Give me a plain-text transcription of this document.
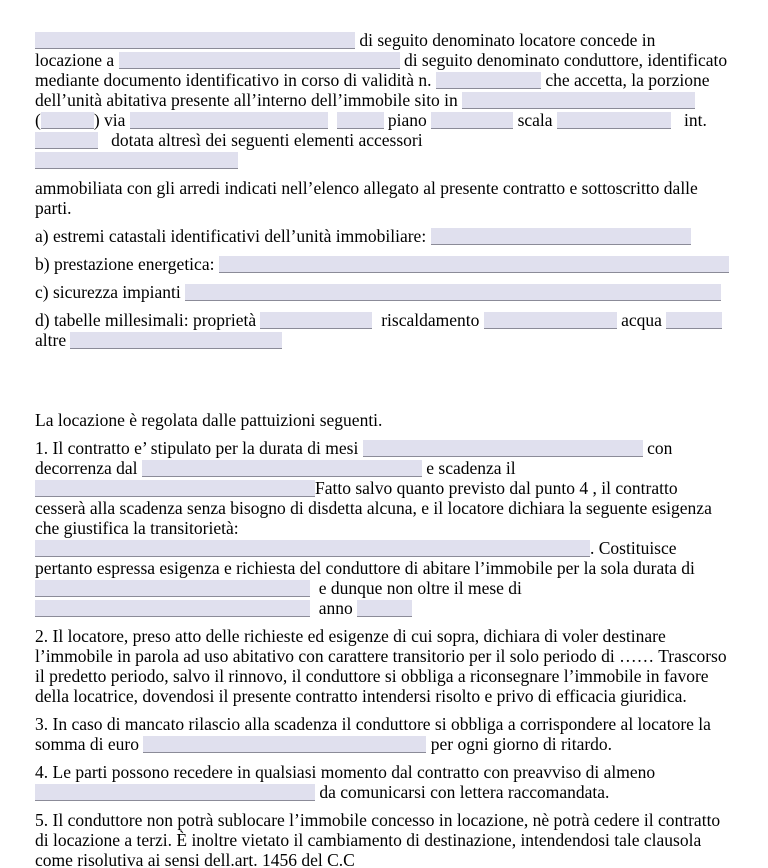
di seguito denominato locatore concede in
locazione a	di seguito denominato conduttore, identificato
mediante documento identificativo in corso di validità n.	che accetta, la porzione
dell’unità abitativa presente all’interno dell’immobile sito in
(	) via	piano	scala	int.
dotata altresì dei seguenti elementi accessori
ammobiliata con gli arredi indicati nell’elenco allegato al presente contratto e sottoscritto dalle
parti.
a) estremi catastali identificativi dell’unità immobiliare:
b) prestazione energetica:
c) sicurezza impianti
d) tabelle millesimali: proprietà	riscaldamento	acqua
altre
La locazione è regolata dalle pattuizioni seguenti.
1. Il contratto e’ stipulato per la durata di mesi	con
decorrenza dal	e scadenza il
Fatto salvo quanto previsto dal punto 4 , il contratto
cesserà alla scadenza senza bisogno di disdetta alcuna, e il locatore dichiara la seguente esigenza
che giustifica la transitorietà:
. Costituisce
pertanto espressa esigenza e richiesta del conduttore di abitare l’immobile per la sola durata di
e dunque non oltre il mese di
anno
2. Il locatore, preso atto delle richieste ed esigenze di cui sopra, dichiara di voler destinare
l’immobile in parola ad uso abitativo con carattere transitorio per il solo periodo di …… Trascorso
il predetto periodo, salvo il rinnovo, il conduttore si obbliga a riconsegnare l’immobile in favore
della locatrice, dovendosi il presente contratto intendersi risolto e privo di efficacia giuridica.
3. In caso di mancato rilascio alla scadenza il conduttore si obbliga a corrispondere al locatore la
somma di euro	per ogni giorno di ritardo.
4. Le parti possono recedere in qualsiasi momento dal contratto con preavviso di almeno
da comunicarsi con lettera raccomandata.
5. Il conduttore non potrà sublocare l’immobile concesso in locazione, nè potrà cedere il contratto
di locazione a terzi. È inoltre vietato il cambiamento di destinazione, intendendosi tale clausola
come risolutiva ai sensi dell.art. 1456 del C.C
